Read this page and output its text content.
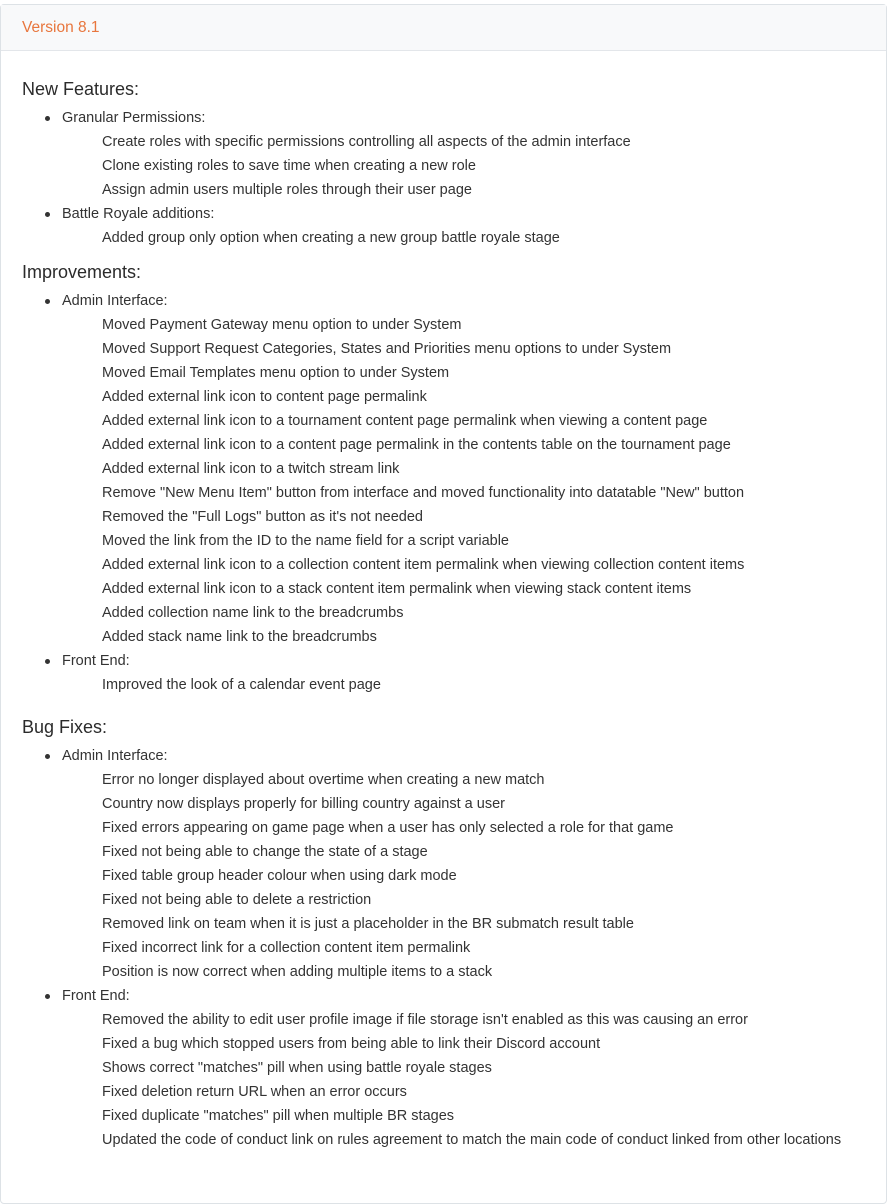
Version 8.1
New Features:
Granular Permissions:
Create roles with specific permissions controlling all aspects of the admin interface
Clone existing roles to save time when creating a new role
Assign admin users multiple roles through their user page
Battle Royale additions:
Added group only option when creating a new group battle royale stage
Improvements:
Admin Interface:
Moved Payment Gateway menu option to under System
Moved Support Request Categories, States and Priorities menu options to under System
Moved Email Templates menu option to under System
Added external link icon to content page permalink
Added external link icon to a tournament content page permalink when viewing a content page
Added external link icon to a content page permalink in the contents table on the tournament page
Added external link icon to a twitch stream link
Remove "New Menu Item" button from interface and moved functionality into datatable "New" button
Removed the "Full Logs" button as it's not needed
Moved the link from the ID to the name field for a script variable
Added external link icon to a collection content item permalink when viewing collection content items
Added external link icon to a stack content item permalink when viewing stack content items
Added collection name link to the breadcrumbs
Added stack name link to the breadcrumbs
Front End:
Improved the look of a calendar event page
Bug Fixes:
Admin Interface:
Error no longer displayed about overtime when creating a new match
Country now displays properly for billing country against a user
Fixed errors appearing on game page when a user has only selected a role for that game
Fixed not being able to change the state of a stage
Fixed table group header colour when using dark mode
Fixed not being able to delete a restriction
Removed link on team when it is just a placeholder in the BR submatch result table
Fixed incorrect link for a collection content item permalink
Position is now correct when adding multiple items to a stack
Front End:
Removed the ability to edit user profile image if file storage isn't enabled as this was causing an error
Fixed a bug which stopped users from being able to link their Discord account
Shows correct "matches" pill when using battle royale stages
Fixed deletion return URL when an error occurs
Fixed duplicate "matches" pill when multiple BR stages
Updated the code of conduct link on rules agreement to match the main code of conduct linked from other locations
